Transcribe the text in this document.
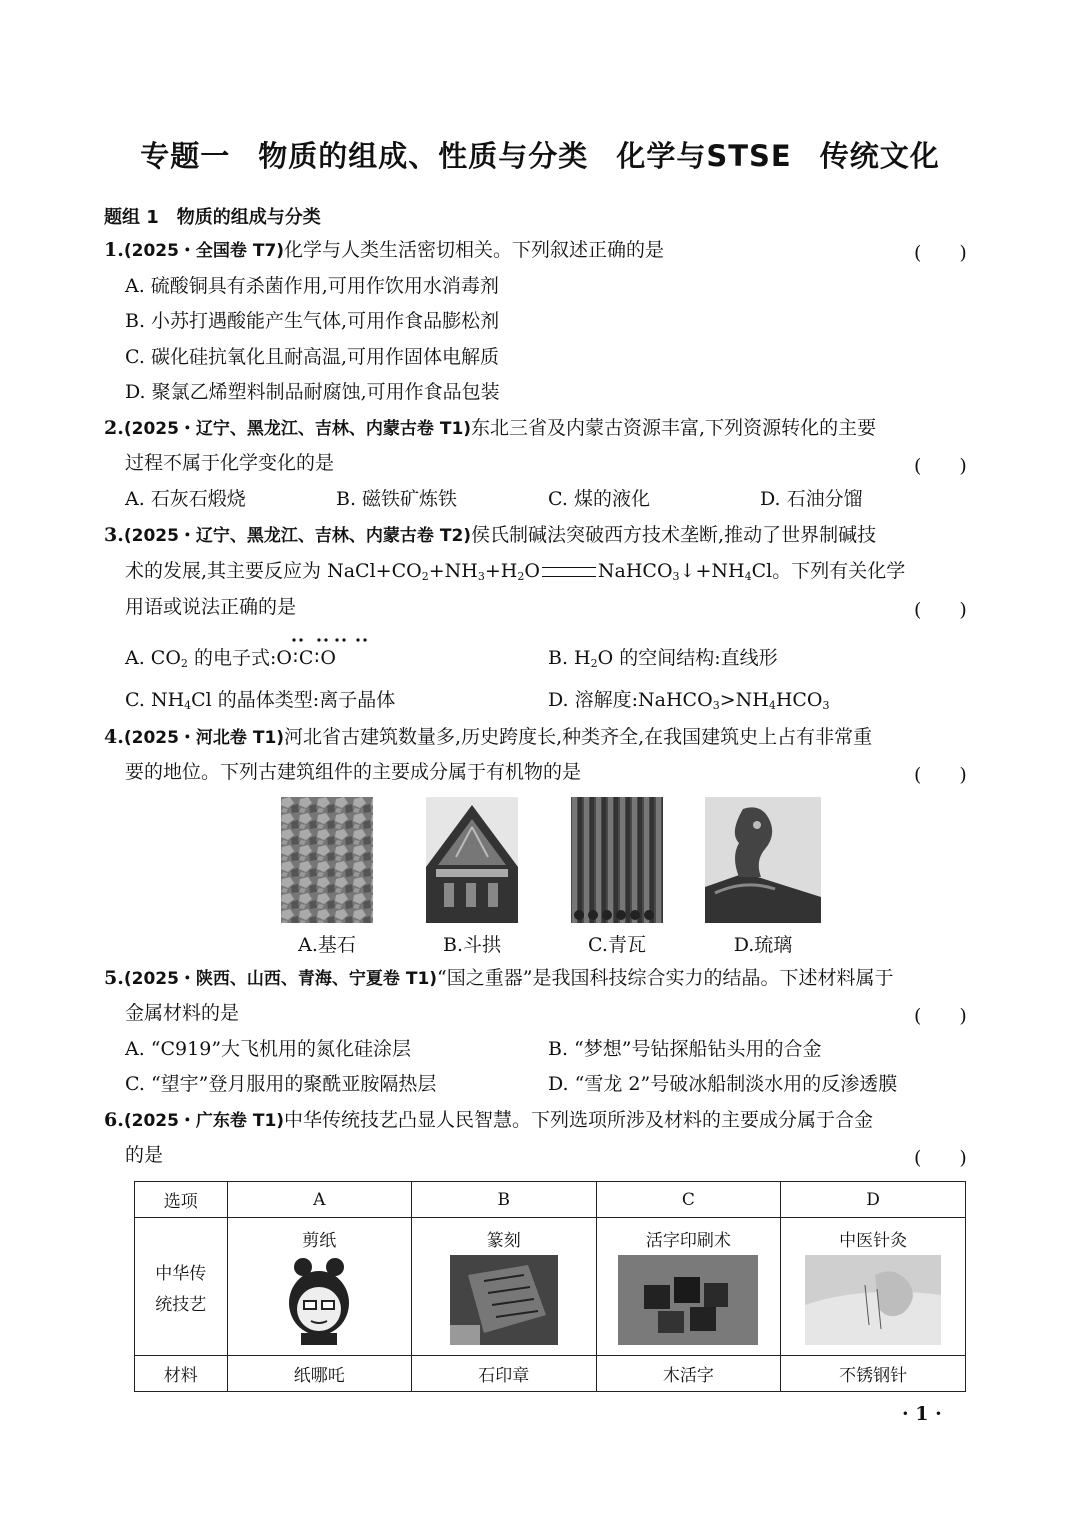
专题一 物质的组成、性质与分类 化学与STSE 传统文化
题组 1　物质的组成与分类
1.(2025・全国卷 T7)化学与人类生活密切相关。下列叙述正确的是	(　　)
A. 硫酸铜具有杀菌作用,可用作饮用水消毒剂
B. 小苏打遇酸能产生气体,可用作食品膨松剂
C. 碳化硅抗氧化且耐高温,可用作固体电解质
D. 聚氯乙烯塑料制品耐腐蚀,可用作食品包装
2.(2025・辽宁、黑龙江、吉林、内蒙古卷 T1)东北三省及内蒙古资源丰富,下列资源转化的主要
过程不属于化学变化的是	(　　)
A. 石灰石煅烧	B. 磁铁矿炼铁	C. 煤的液化	D. 石油分馏
3.(2025・辽宁、黑龙江、吉林、内蒙古卷 T2)侯氏制碱法突破西方技术垄断,推动了世界制碱技
术的发展,其主要反应为 $NaCl+CO_2+NH_3+H_2O$	$NaHCO_3↓+NH_4Cl$。下列有关化学
用语或说法正确的是	(　　)
A. $CO_2$ 的电子式:O∶C∶O	B. $H_2O$ 的空间结构:直线形
C. $NH_4Cl$ 的晶体类型:离子晶体	D. 溶解度$:NaHCO_3>NH_4HCO_3$
4.(2025・河北卷 T1)河北省古建筑数量多,历史跨度长,种类齐全,在我国建筑史上占有非常重
要的地位。下列古建筑组件的主要成分属于有机物的是	(　　)
A.基石	B.斗拱	C.青瓦	D.琉璃
5.(2025・陕西、山西、青海、宁夏卷 T1)“国之重器”是我国科技综合实力的结晶。下述材料属于
金属材料的是	(　　)
A. “C919”大飞机用的氮化硅涂层	B. “梦想”号钻探船钻头用的合金
C. “望宇”登月服用的聚酰亚胺隔热层	D. “雪龙 2”号破冰船制淡水用的反渗透膜
6.(2025・广东卷 T1)中华传统技艺凸显人民智慧。下列选项所涉及材料的主要成分属于合金
的是	(　　)
选项	A	B	C	D

中华传
统技艺	剪纸	篆刻	活字印刷术	中医针灸

材料	纸哪吒	石印章	木活字	不锈钢针
· 1 ·
